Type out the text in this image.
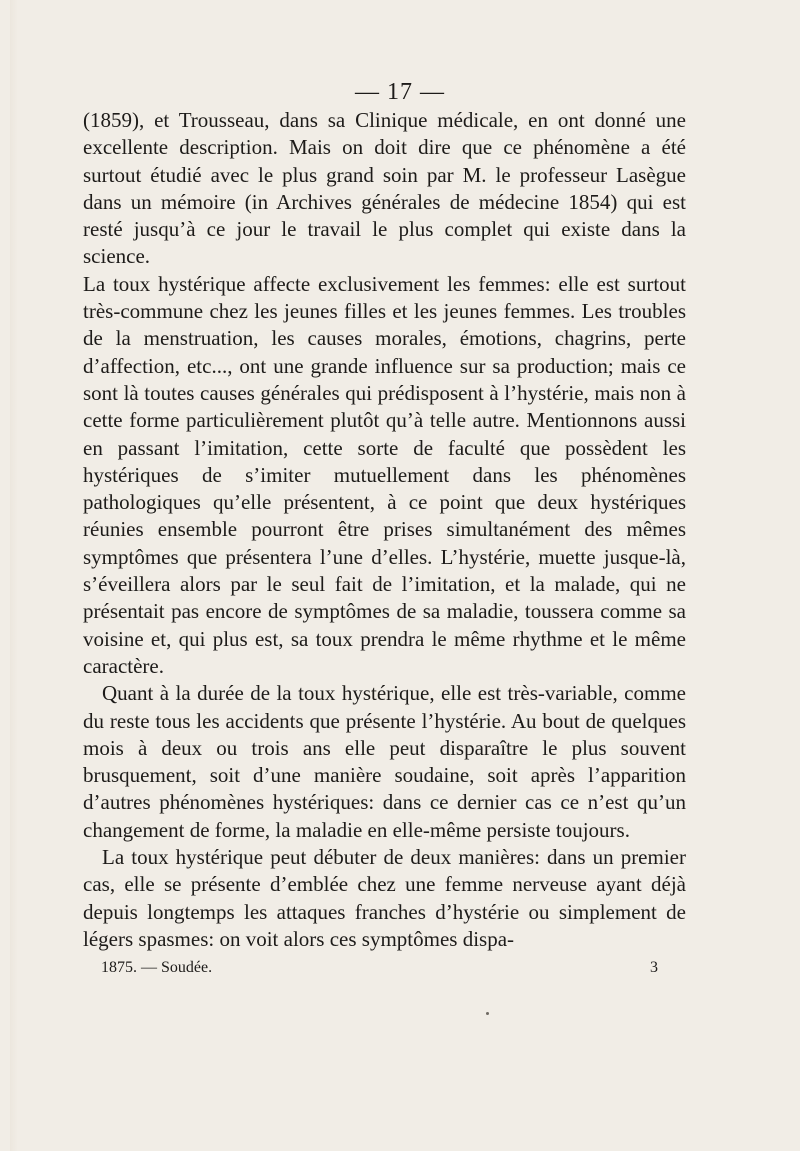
— 17 —

(1859), et Trousseau, dans sa Clinique médicale, en ont donné une excellente description. Mais on doit dire que ce phénomène a été surtout étudié avec le plus grand soin par M. le professeur Lasègue dans un mémoire (in Archives générales de médecine 1854) qui est resté jusqu’à ce jour le travail le plus complet qui existe dans la science.

La toux hystérique affecte exclusivement les femmes: elle est surtout très-commune chez les jeunes filles et les jeunes femmes. Les troubles de la menstruation, les causes morales, émotions, chagrins, perte d’affection, etc..., ont une grande influence sur sa production; mais ce sont là toutes causes générales qui prédisposent à l’hystérie, mais non à cette forme particulièrement plutôt qu’à telle autre. Mentionnons aussi en passant l’imitation, cette sorte de faculté que possèdent les hystériques de s’imiter mutuellement dans les phénomènes pathologiques qu’elle présentent, à ce point que deux hystériques réunies ensemble pourront être prises simultanément des mêmes symptômes que présentera l’une d’elles. L’hystérie, muette jusque-là, s’éveillera alors par le seul fait de l’imitation, et la malade, qui ne présentait pas encore de symptômes de sa maladie, toussera comme sa voisine et, qui plus est, sa toux prendra le même rhythme et le même caractère.

Quant à la durée de la toux hystérique, elle est très-variable, comme du reste tous les accidents que présente l’hystérie. Au bout de quelques mois à deux ou trois ans elle peut disparaître le plus souvent brusquement, soit d’une manière soudaine, soit après l’apparition d’autres phénomènes hystériques: dans ce dernier cas ce n’est qu’un changement de forme, la maladie en elle-même persiste toujours.

La toux hystérique peut débuter de deux manières: dans un premier cas, elle se présente d’emblée chez une femme nerveuse ayant déjà depuis longtemps les attaques franches d’hystérie ou simplement de légers spasmes: on voit alors ces symptômes dispa-

1875. — Soudée.	3
